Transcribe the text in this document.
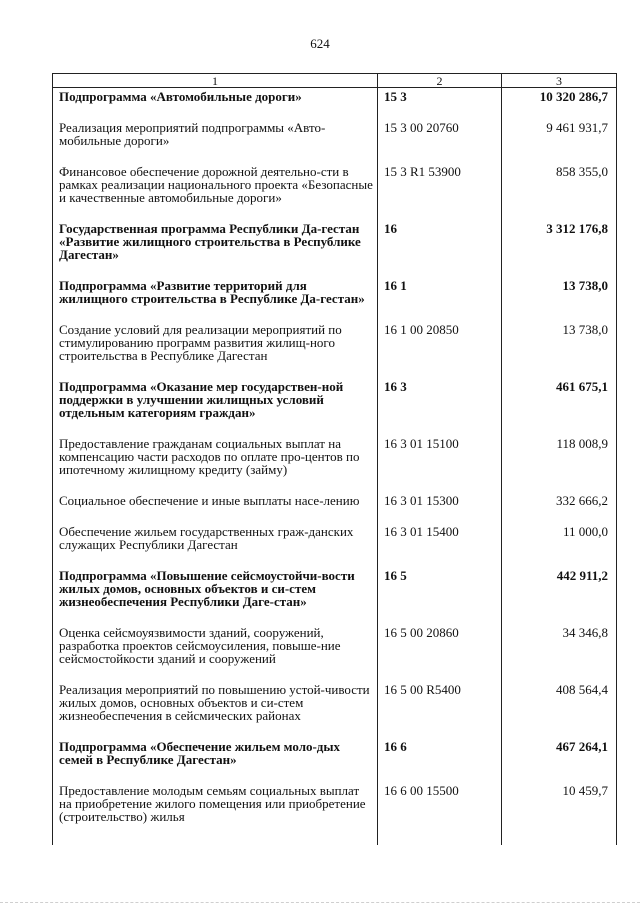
624
1	2	3
Подпрограмма «Автомобильные дороги»	15 3	10 320 286,7
Реализация мероприятий подпрограммы «Авто-мобильные дороги»	15 3 00 20760	9 461 931,7
Финансовое обеспечение дорожной деятельно-сти в рамках реализации национального проекта «Безопасные и качественные автомобильные дороги»	15 3 R1 53900	858 355,0
Государственная программа Республики Да-гестан «Развитие жилищного строительства в Республике Дагестан»	16	3 312 176,8
Подпрограмма «Развитие территорий для жилищного строительства в Республике Да-гестан»	16 1	13 738,0
Создание условий для реализации мероприятий по стимулированию программ развития жилищ-ного строительства в Республике Дагестан	16 1 00 20850	13 738,0
Подпрограмма «Оказание мер государствен-ной поддержки в улучшении жилищных условий отдельным категориям граждан»	16 3	461 675,1
Предоставление гражданам социальных выплат на компенсацию части расходов по оплате про-центов по ипотечному жилищному кредиту (займу)	16 3 01 15100	118 008,9
Социальное обеспечение и иные выплаты насе-лению	16 3 01 15300	332 666,2
Обеспечение жильем государственных граж-данских служащих Республики Дагестан	16 3 01 15400	11 000,0
Подпрограмма «Повышение сейсмоустойчи-вости жилых домов, основных объектов и си-стем жизнеобеспечения Республики Даге-стан»	16 5	442 911,2
Оценка сейсмоуязвимости зданий, сооружений, разработка проектов сейсмоусиления, повыше-ние сейсмостойкости зданий и сооружений	16 5 00 20860	34 346,8
Реализация мероприятий по повышению устой-чивости жилых домов, основных объектов и си-стем жизнеобеспечения в сейсмических районах	16 5 00 R5400	408 564,4
Подпрограмма «Обеспечение жильем моло-дых семей в Республике Дагестан»	16 6	467 264,1
Предоставление молодым семьям социальных выплат на приобретение жилого помещения или приобретение (строительство) жилья	16 6 00 15500	10 459,7
